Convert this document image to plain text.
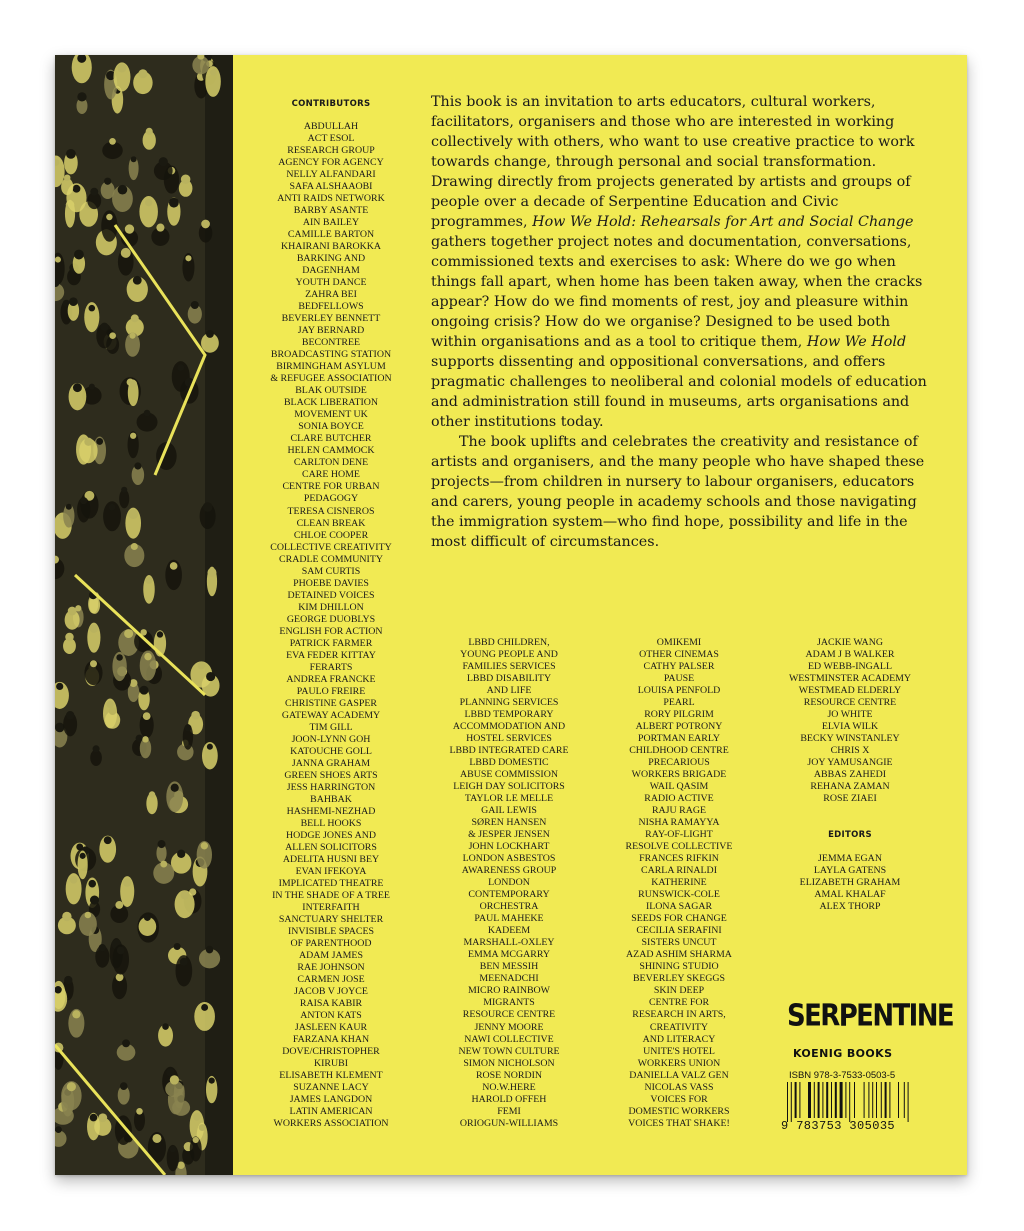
CONTRIBUTORS
ABDULLAH
ACT ESOL
RESEARCH GROUP
AGENCY FOR AGENCY
NELLY ALFANDARI
SAFA ALSHAAOBI
ANTI RAIDS NETWORK
BARBY ASANTE
AIN BAILEY
CAMILLE BARTON
KHAIRANI BAROKKA
BARKING AND
DAGENHAM
YOUTH DANCE
ZAHRA BEI
BEDFELLOWS
BEVERLEY BENNETT
JAY BERNARD
BECONTREE
BROADCASTING STATION
BIRMINGHAM ASYLUM
& REFUGEE ASSOCIATION
BLAK OUTSIDE
BLACK LIBERATION
MOVEMENT UK
SONIA BOYCE
CLARE BUTCHER
HELEN CAMMOCK
CARLTON DENE
CARE HOME
CENTRE FOR URBAN
PEDAGOGY
TERESA CISNEROS
CLEAN BREAK
CHLOE COOPER
COLLECTIVE CREATIVITY
CRADLE COMMUNITY
SAM CURTIS
PHOEBE DAVIES
DETAINED VOICES
KIM DHILLON
GEORGE DUOBLYS
ENGLISH FOR ACTION
PATRICK FARMER
EVA FEDER KITTAY
FERARTS
ANDREA FRANCKE
PAULO FREIRE
CHRISTINE GASPER
GATEWAY ACADEMY
TIM GILL
JOON-LYNN GOH
KATOUCHE GOLL
JANNA GRAHAM
GREEN SHOES ARTS
JESS HARRINGTON
BAHBAK
HASHEMI-NEZHAD
BELL HOOKS
HODGE JONES AND
ALLEN SOLICITORS
ADELITA HUSNI BEY
EVAN IFEKOYA
IMPLICATED THEATRE
IN THE SHADE OF A TREE
INTERFAITH
SANCTUARY SHELTER
INVISIBLE SPACES
OF PARENTHOOD
ADAM JAMES
RAE JOHNSON
CARMEN JOSE
JACOB V JOYCE
RAISA KABIR
ANTON KATS
JASLEEN KAUR
FARZANA KHAN
DOVE/CHRISTOPHER
KIRUBI
ELISABETH KLEMENT
SUZANNE LACY
JAMES LANGDON
LATIN AMERICAN
WORKERS ASSOCIATION
LBBD CHILDREN,
YOUNG PEOPLE AND
FAMILIES SERVICES
LBBD DISABILITY
AND LIFE
PLANNING SERVICES
LBBD TEMPORARY
ACCOMMODATION AND
HOSTEL SERVICES
LBBD INTEGRATED CARE
LBBD DOMESTIC
ABUSE COMMISSION
LEIGH DAY SOLICITORS
TAYLOR LE MELLE
GAIL LEWIS
SØREN HANSEN
& JESPER JENSEN
JOHN LOCKHART
LONDON ASBESTOS
AWARENESS GROUP
LONDON
CONTEMPORARY
ORCHESTRA
PAUL MAHEKE
KADEEM
MARSHALL-OXLEY
EMMA MCGARRY
BEN MESSIH
MEENADCHI
MICRO RAINBOW
MIGRANTS
RESOURCE CENTRE
JENNY MOORE
NAWI COLLECTIVE
NEW TOWN CULTURE
SIMON NICHOLSON
ROSE NORDIN
NO.W.HERE
HAROLD OFFEH
FEMI
ORIOGUN-WILLIAMS
OMIKEMI
OTHER CINEMAS
CATHY PALSER
PAUSE
LOUISA PENFOLD
PEARL
RORY PILGRIM
ALBERT POTRONY
PORTMAN EARLY
CHILDHOOD CENTRE
PRECARIOUS
WORKERS BRIGADE
WAIL QASIM
RADIO ACTIVE
RAJU RAGE
NISHA RAMAYYA
RAY-OF-LIGHT
RESOLVE COLLECTIVE
FRANCES RIFKIN
CARLA RINALDI
KATHERINE
RUNSWICK-COLE
ILONA SAGAR
SEEDS FOR CHANGE
CECILIA SERAFINI
SISTERS UNCUT
AZAD ASHIM SHARMA
SHINING STUDIO
BEVERLEY SKEGGS
SKIN DEEP
CENTRE FOR
RESEARCH IN ARTS,
CREATIVITY
AND LITERACY
UNITE'S HOTEL
WORKERS UNION
DANIELLA VALZ GEN
NICOLAS VASS
VOICES FOR
DOMESTIC WORKERS
VOICES THAT SHAKE!
JACKIE WANG
ADAM J B WALKER
ED WEBB-INGALL
WESTMINSTER ACADEMY
WESTMEAD ELDERLY
RESOURCE CENTRE
JO WHITE
ELVIA WILK
BECKY WINSTANLEY
CHRIS X
JOY YAMUSANGIE
ABBAS ZAHEDI
REHANA ZAMAN
ROSE ZIAEI
EDITORS
JEMMA EGAN
LAYLA GATENS
ELIZABETH GRAHAM
AMAL KHALAF
ALEX THORP

This book is an invitation to arts educators, cultural workers, facilitators, organisers and those who are interested in working collectively with others, who want to use creative practice to work towards change, through personal and social transformation. Drawing directly from projects generated by artists and groups of people over a decade of Serpentine Education and Civic programmes, How We Hold: Rehearsals for Art and Social Change gathers together project notes and documentation, conversations, commissioned texts and exercises to ask: Where do we go when things fall apart, when home has been taken away, when the cracks appear? How do we find moments of rest, joy and pleasure within ongoing crisis? How do we organise? Designed to be used both within organisations and as a tool to critique them, How We Hold supports dissenting and oppositional conversations, and offers pragmatic challenges to neoliberal and colonial models of education and administration still found in museums, arts organisations and other institutions today.

The book uplifts and celebrates the creativity and resistance of artists and organisers, and the many people who have shaped these projects—from children in nursery to labour organisers, educators and carers, young people in academy schools and those navigating the immigration system—who find hope, possibility and life in the most difficult of circumstances.

SERPENTINE
KOENIG BOOKS
ISBN 978-3-7533-0503-5
9 783753 305035
